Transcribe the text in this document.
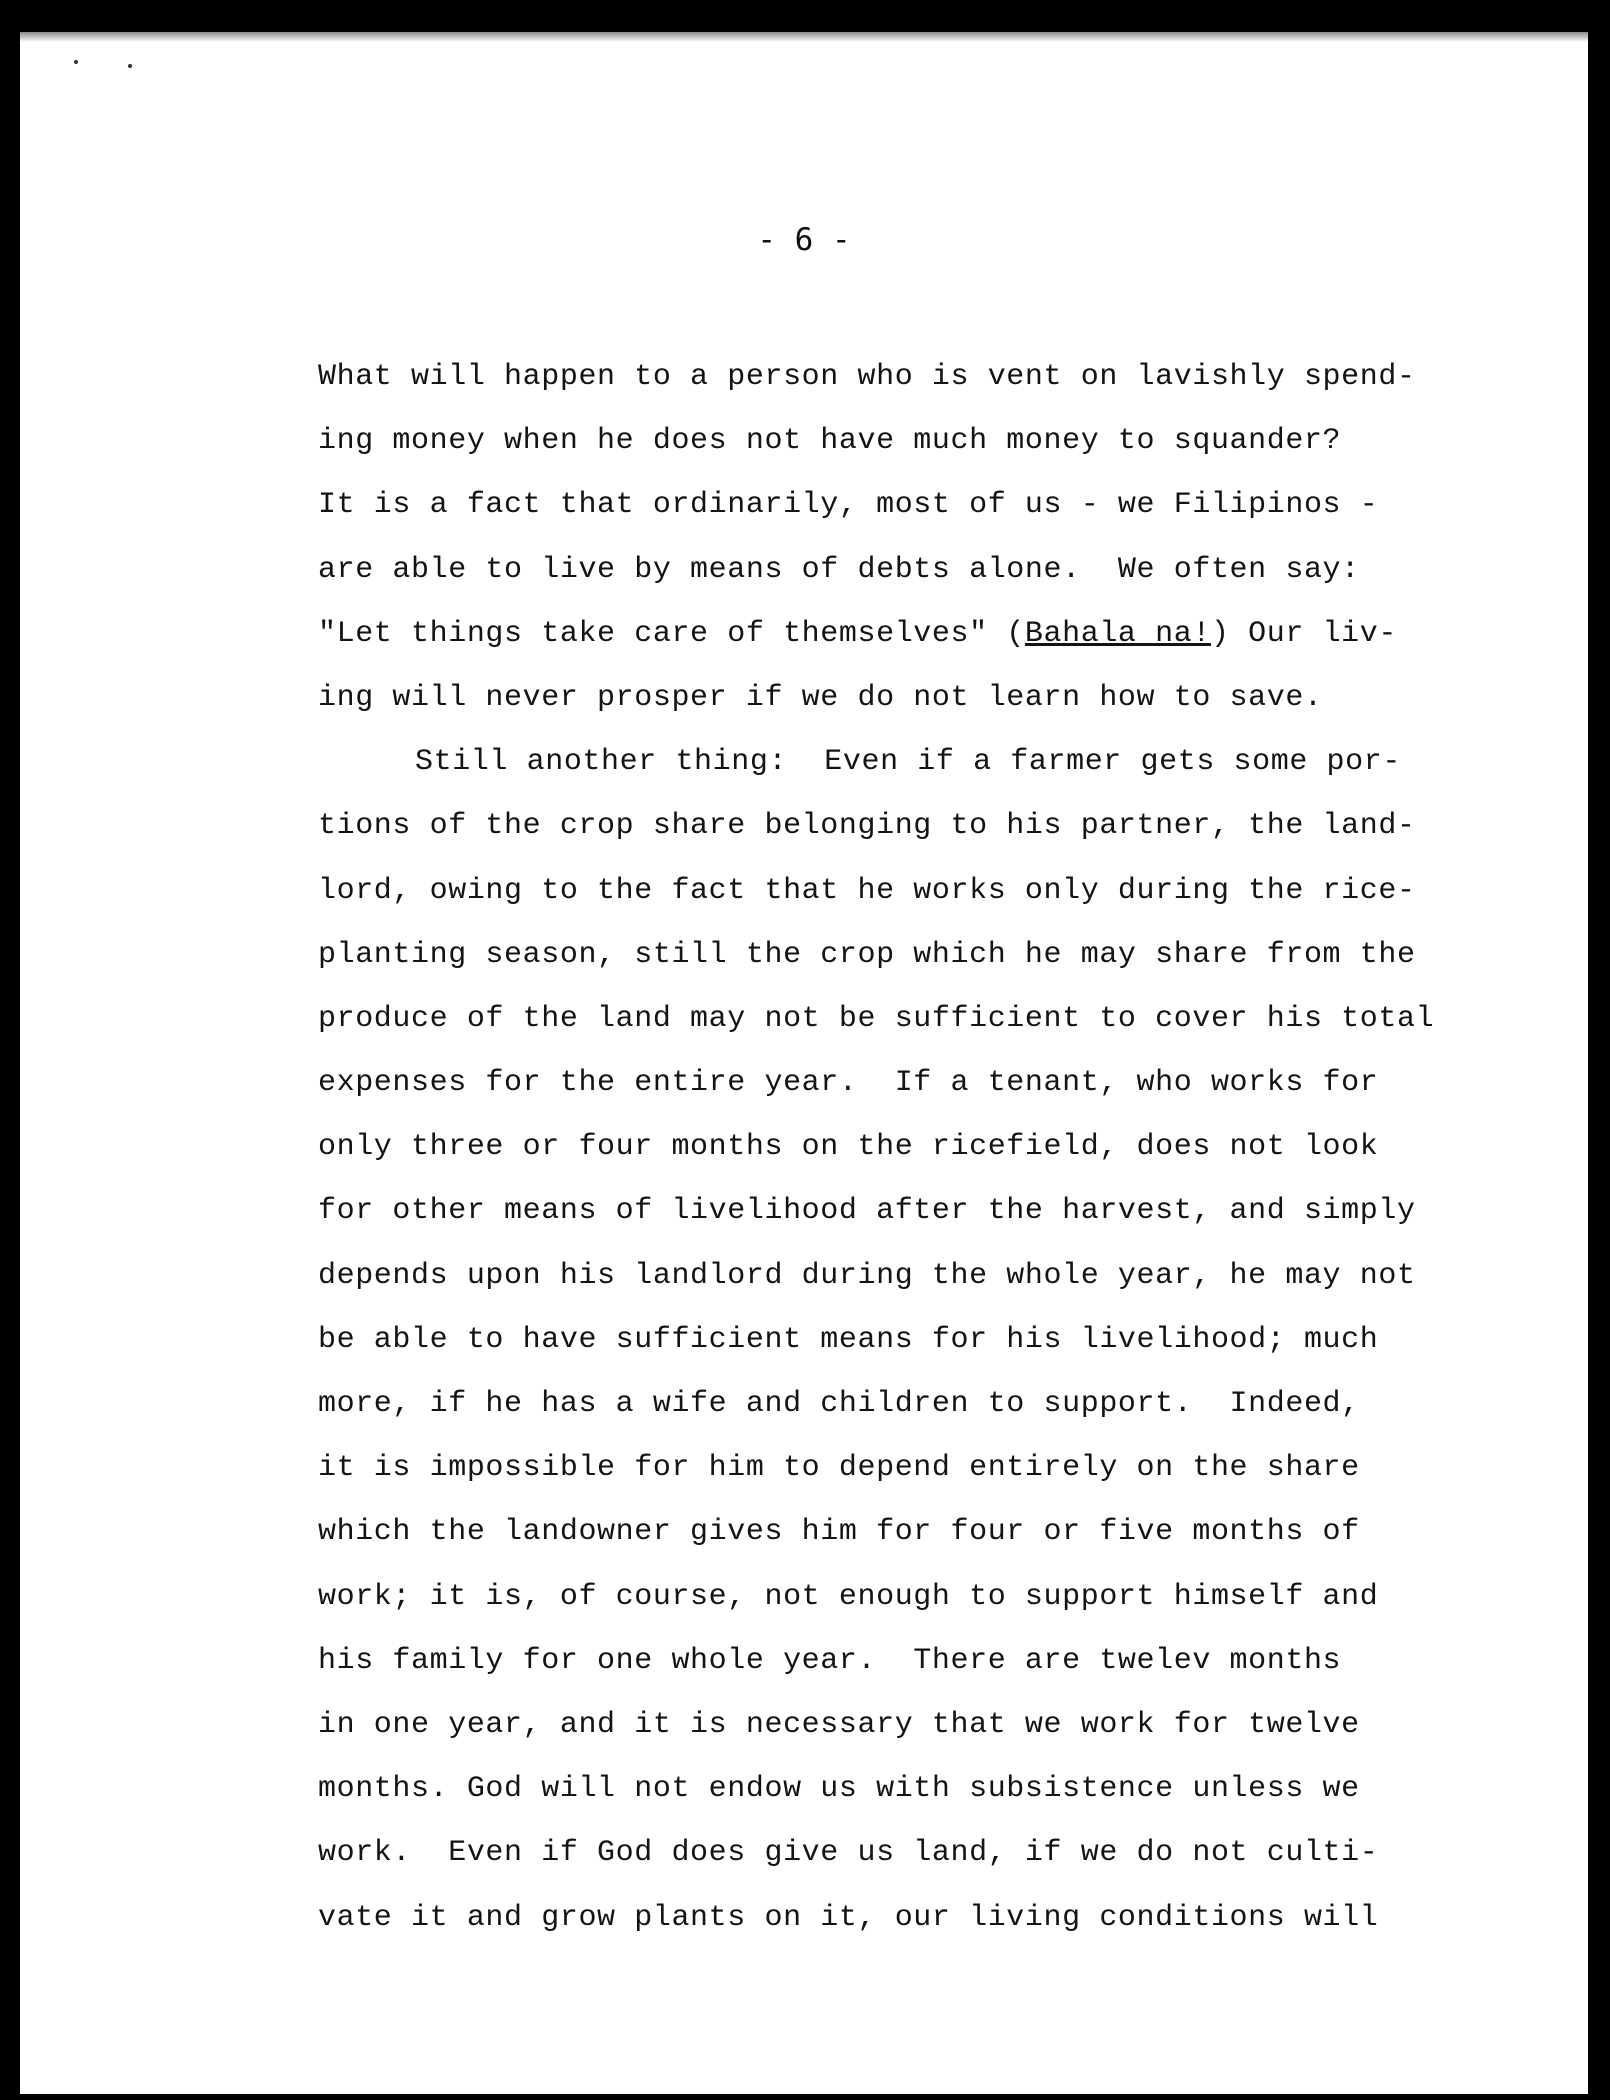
- 6 -
What will happen to a person who is vent on lavishly spend-
ing money when he does not have much money to squander?
It is a fact that ordinarily, most of us - we Filipinos -
are able to live by means of debts alone.  We often say:
"Let things take care of themselves" (Bahala na!) Our liv-
ing will never prosper if we do not learn how to save.
Still another thing:  Even if a farmer gets some por-
tions of the crop share belonging to his partner, the land-
lord, owing to the fact that he works only during the rice-
planting season, still the crop which he may share from the
produce of the land may not be sufficient to cover his total
expenses for the entire year.  If a tenant, who works for
only three or four months on the ricefield, does not look
for other means of livelihood after the harvest, and simply
depends upon his landlord during the whole year, he may not
be able to have sufficient means for his livelihood; much
more, if he has a wife and children to support.  Indeed,
it is impossible for him to depend entirely on the share
which the landowner gives him for four or five months of
work; it is, of course, not enough to support himself and
his family for one whole year.  There are twelev months
in one year, and it is necessary that we work for twelve
months. God will not endow us with subsistence unless we
work.  Even if God does give us land, if we do not culti-
vate it and grow plants on it, our living conditions will
